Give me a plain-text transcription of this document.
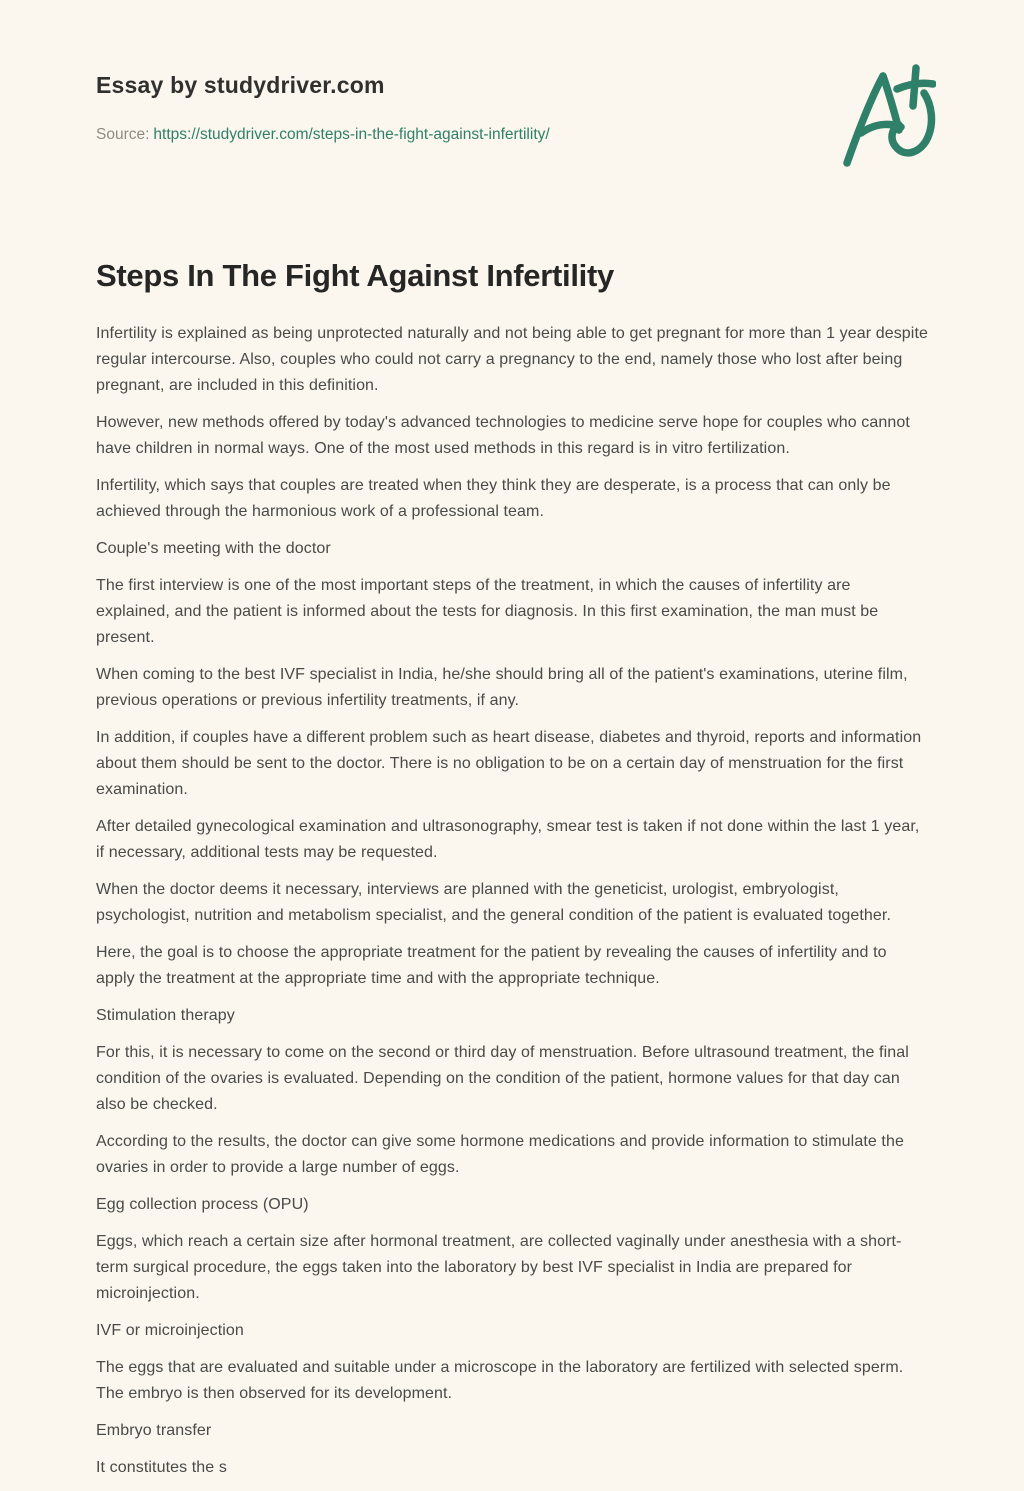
Essay by studydriver.com
Source: https://studydriver.com/steps-in-the-fight-against-infertility/
Steps In The Fight Against Infertility

Infertility is explained as being unprotected naturally and not being able to get pregnant for more than 1 year despite regular intercourse. Also, couples who could not carry a pregnancy to the end, namely those who lost after being pregnant, are included in this definition.

However, new methods offered by today's advanced technologies to medicine serve hope for couples who cannot have children in normal ways. One of the most used methods in this regard is in vitro fertilization.

Infertility, which says that couples are treated when they think they are desperate, is a process that can only be achieved through the harmonious work of a professional team.

Couple's meeting with the doctor

The first interview is one of the most important steps of the treatment, in which the causes of infertility are explained, and the patient is informed about the tests for diagnosis. In this first examination, the man must be present.

When coming to the best IVF specialist in India, he/she should bring all of the patient's examinations, uterine film, previous operations or previous infertility treatments, if any.

In addition, if couples have a different problem such as heart disease, diabetes and thyroid, reports and information about them should be sent to the doctor. There is no obligation to be on a certain day of menstruation for the first examination.

After detailed gynecological examination and ultrasonography, smear test is taken if not done within the last 1 year, if necessary, additional tests may be requested.

When the doctor deems it necessary, interviews are planned with the geneticist, urologist, embryologist, psychologist, nutrition and metabolism specialist, and the general condition of the patient is evaluated together.

Here, the goal is to choose the appropriate treatment for the patient by revealing the causes of infertility and to apply the treatment at the appropriate time and with the appropriate technique.

Stimulation therapy

For this, it is necessary to come on the second or third day of menstruation. Before ultrasound treatment, the final condition of the ovaries is evaluated. Depending on the condition of the patient, hormone values for that day can also be checked.

According to the results, the doctor can give some hormone medications and provide information to stimulate the ovaries in order to provide a large number of eggs.

Egg collection process (OPU)

Eggs, which reach a certain size after hormonal treatment, are collected vaginally under anesthesia with a short-term surgical procedure, the eggs taken into the laboratory by best IVF specialist in India are prepared for microinjection.

IVF or microinjection

The eggs that are evaluated and suitable under a microscope in the laboratory are fertilized with selected sperm. The embryo is then observed for its development.

Embryo transfer

It constitutes the s
